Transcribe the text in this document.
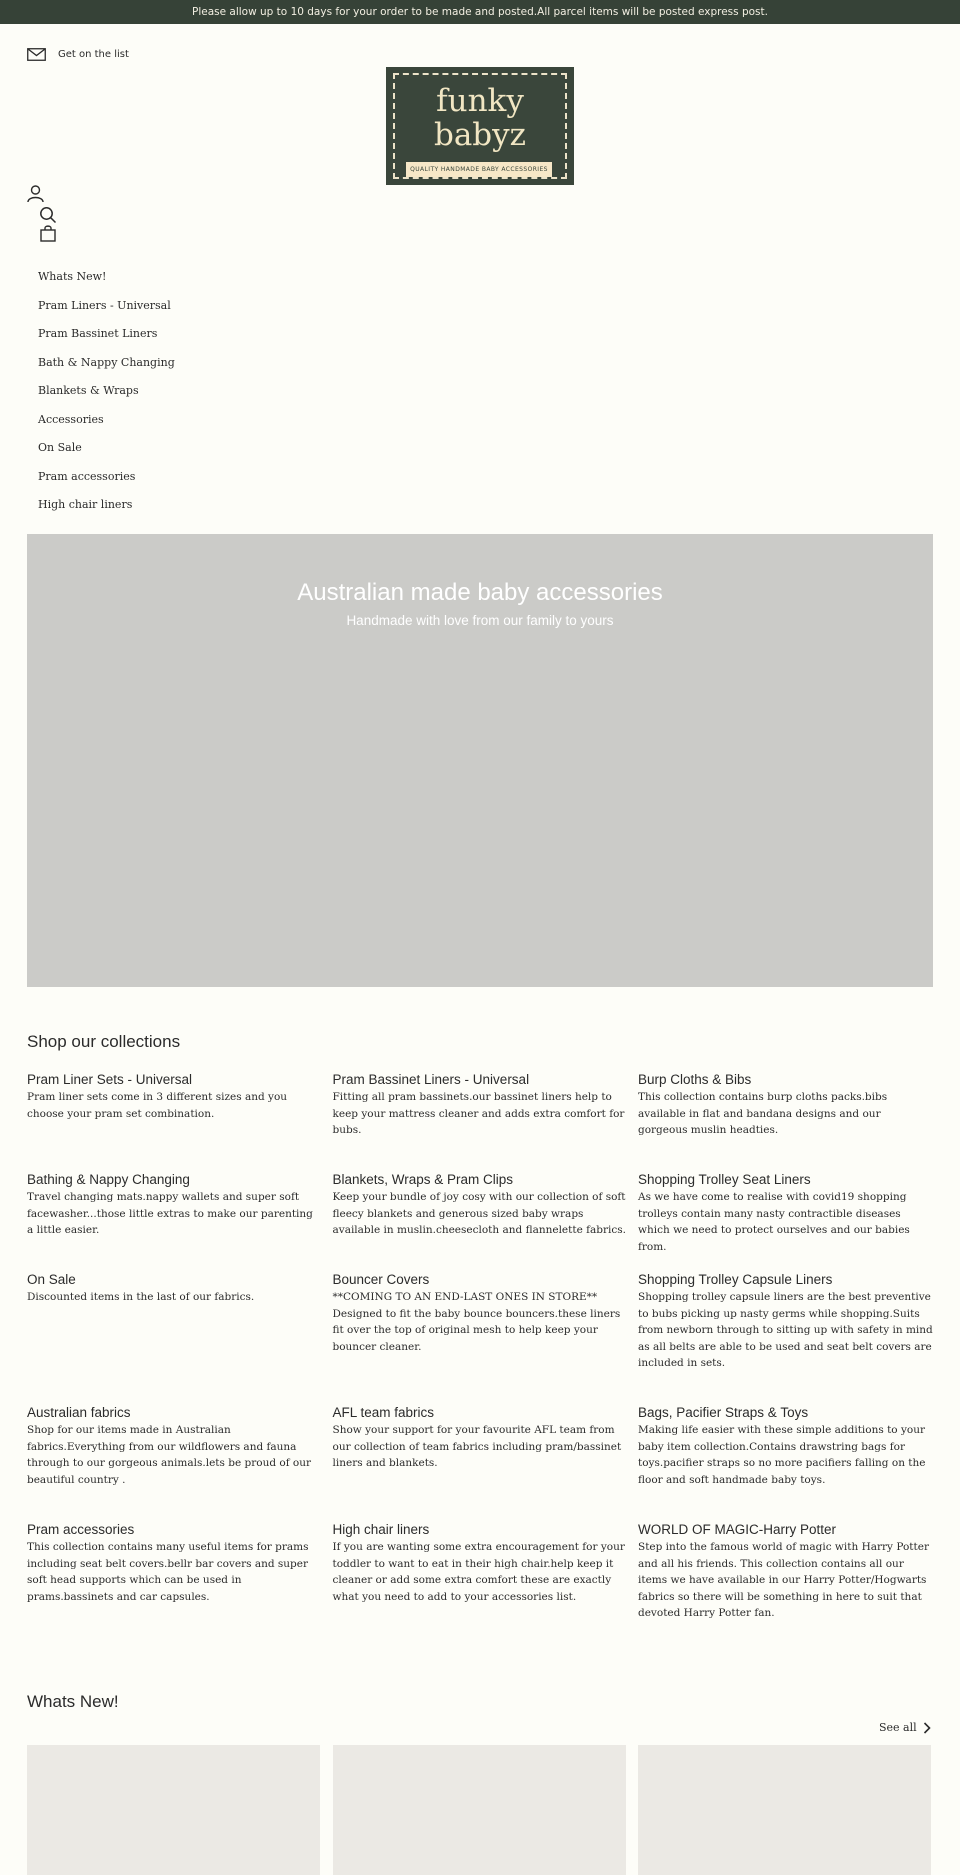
Please allow up to 10 days for your order to be made and posted.All parcel items will be posted express post.
Get on the list
funky
babyz
QUALITY HANDMADE BABY ACCESSORIES
Whats New!
Pram Liners - Universal
Pram Bassinet Liners
Bath & Nappy Changing
Blankets & Wraps
Accessories
On Sale
Pram accessories
High chair liners
Australian made baby accessories

Handmade with love from our family to yours

Shop our collections
Pram Liner Sets - Universal

Pram liner sets come in 3 different sizes and you choose your pram set combination.

Pram Bassinet Liners - Universal

Fitting all pram bassinets.our bassinet liners help to keep your mattress cleaner and adds extra comfort for bubs.

Burp Cloths & Bibs

This collection contains burp cloths packs.bibs available in flat and bandana designs and our gorgeous muslin headties.

Bathing & Nappy Changing

Travel changing mats.nappy wallets and super soft facewasher...those little extras to make our parenting a little easier.

Blankets, Wraps & Pram Clips

Keep your bundle of joy cosy with our collection of soft fleecy blankets and generous sized baby wraps available in muslin.cheesecloth and flannelette fabrics.

Shopping Trolley Seat Liners

As we have come to realise with covid19 shopping trolleys contain many nasty contractible diseases which we need to protect ourselves and our babies from.

On Sale

Discounted items in the last of our fabrics.

Bouncer Covers

**COMING TO AN END-LAST ONES IN STORE** Designed to fit the baby bounce bouncers.these liners fit over the top of original mesh to help keep your bouncer cleaner.

Shopping Trolley Capsule Liners

Shopping trolley capsule liners are the best preventive to bubs picking up nasty germs while shopping.Suits from newborn through to sitting up with safety in mind as all belts are able to be used and seat belt covers are included in sets.

Australian fabrics

Shop for our items made in Australian fabrics.Everything from our wildflowers and fauna through to our gorgeous animals.lets be proud of our beautiful country .

AFL team fabrics

Show your support for your favourite AFL team from our collection of team fabrics including pram/bassinet liners and blankets.

Bags, Pacifier Straps & Toys

Making life easier with these simple additions to your baby item collection.Contains drawstring bags for toys.pacifier straps so no more pacifiers falling on the floor and soft handmade baby toys.

Pram accessories

This collection contains many useful items for prams including seat belt covers.bellr bar covers and super soft head supports which can be used in prams.bassinets and car capsules.

High chair liners

If you are wanting some extra encouragement for your toddler to want to eat in their high chair.help keep it cleaner or add some extra comfort these are exactly what you need to add to your accessories list.

WORLD OF MAGIC-Harry Potter

Step into the famous world of magic with Harry Potter and all his friends. This collection contains all our items we have available in our Harry Potter/Hogwarts fabrics so there will be something in here to suit that devoted Harry Potter fan.

Whats New!
See all
